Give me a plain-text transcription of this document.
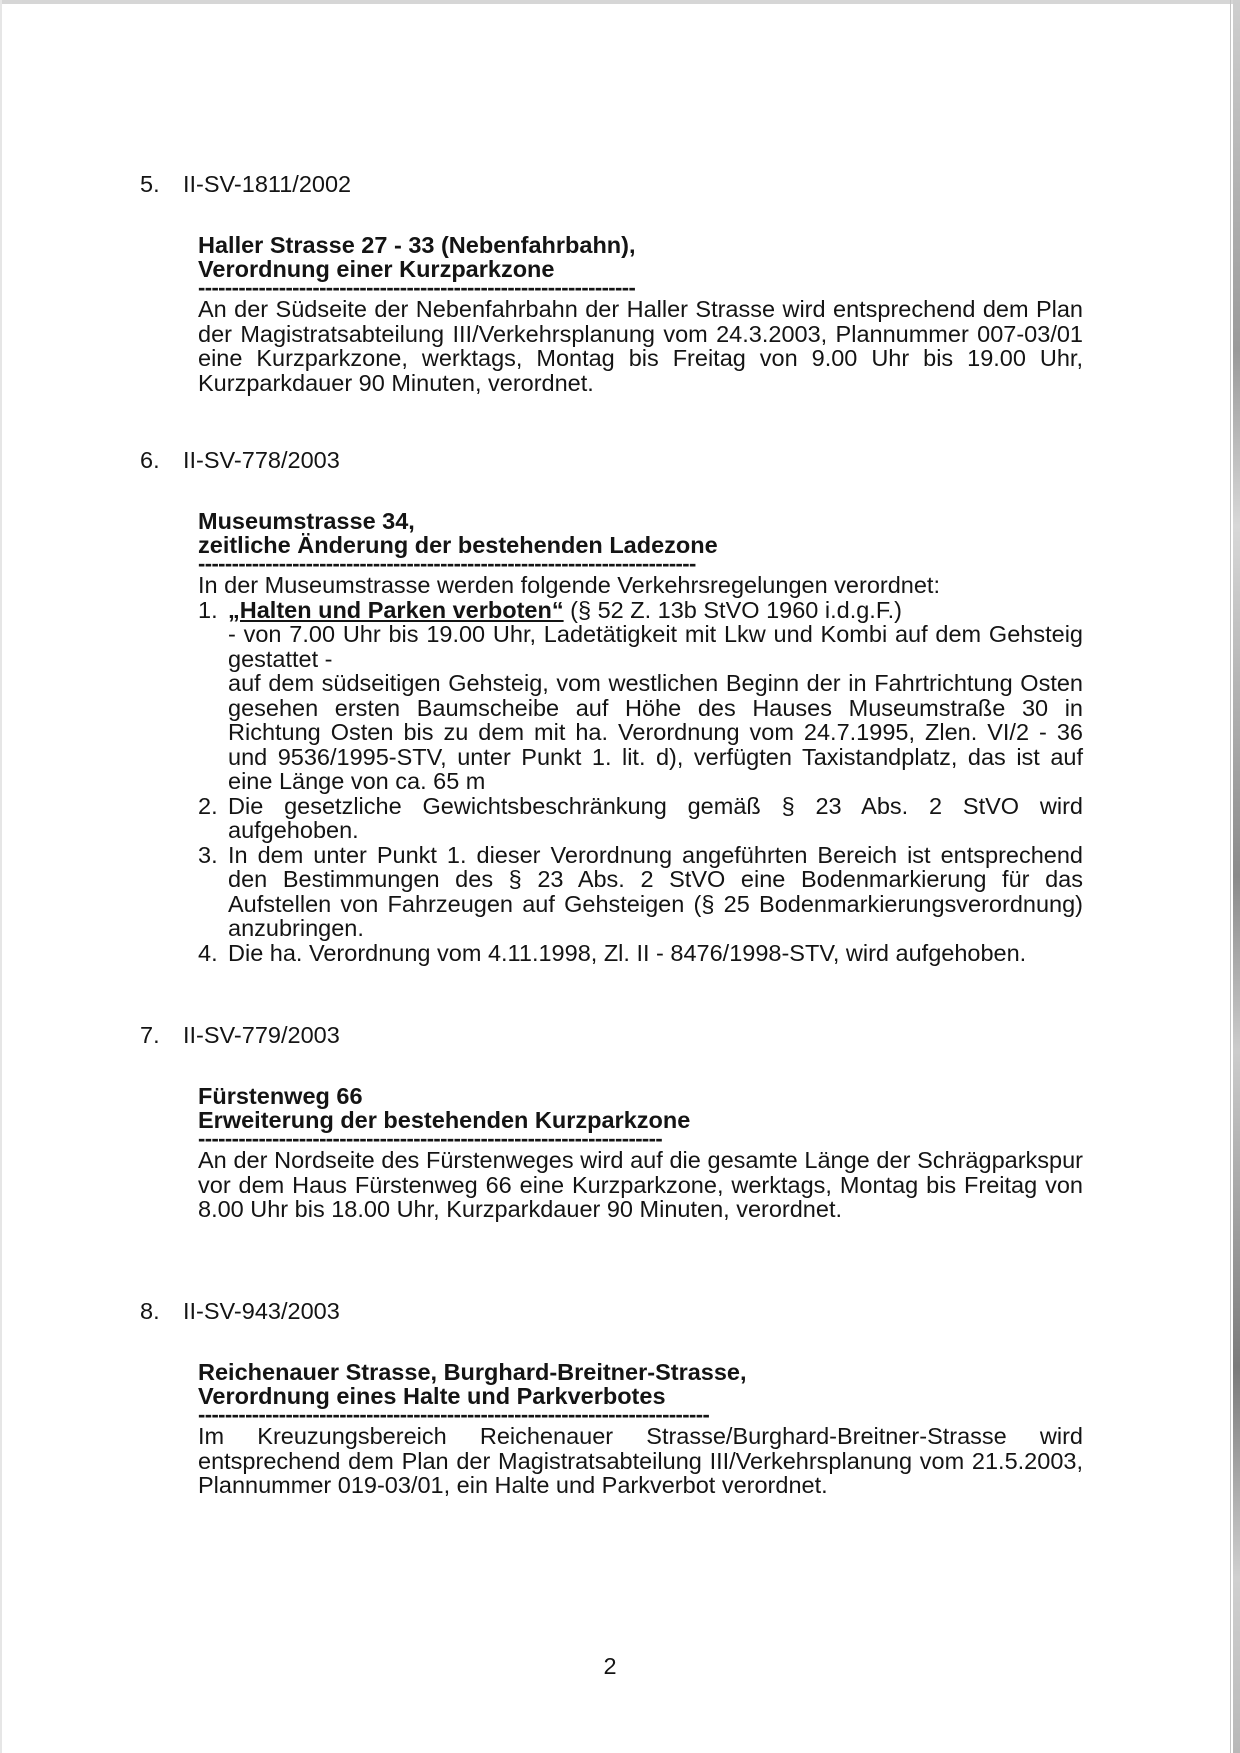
5. II-SV-1811/2002
Haller Strasse 27 - 33 (Nebenfahrbahn),
Verordnung einer Kurzparkzone
-----------------------------------------------------------------
An der Südseite der Nebenfahrbahn der Haller Strasse wird entsprechend dem Plan der Magistratsabteilung III/Verkehrsplanung vom 24.3.2003, Plannummer 007-03/01 eine Kurzparkzone, werktags, Montag bis Freitag von 9.00 Uhr bis 19.00 Uhr, Kurzparkdauer 90 Minuten, verordnet.
6. II-SV-778/2003
Museumstrasse 34,
zeitliche Änderung der bestehenden Ladezone
--------------------------------------------------------------------------
In der Museumstrasse werden folgende Verkehrsregelungen verordnet:
1. „Halten und Parken verboten“ (§ 52 Z. 13b StVO 1960 i.d.g.F.)
- von 7.00 Uhr bis 19.00 Uhr, Ladetätigkeit mit Lkw und Kombi auf dem Gehsteig gestattet -
auf dem südseitigen Gehsteig, vom westlichen Beginn der in Fahrtrichtung Osten gesehen ersten Baumscheibe auf Höhe des Hauses Museumstraße 30 in Richtung Osten bis zu dem mit ha. Verordnung vom 24.7.1995, Zlen. VI/2 - 36 und 9536/1995-STV, unter Punkt 1. lit. d), verfügten Taxistandplatz, das ist auf eine Länge von ca. 65 m
2. Die gesetzliche Gewichtsbeschränkung gemäß § 23 Abs. 2 StVO wird aufgehoben.
3. In dem unter Punkt 1. dieser Verordnung angeführten Bereich ist entsprechend den Bestimmungen des § 23 Abs. 2 StVO eine Bodenmarkierung für das Aufstellen von Fahrzeugen auf Gehsteigen (§ 25 Bodenmarkierungsverordnung) anzubringen.
4. Die ha. Verordnung vom 4.11.1998, Zl. II - 8476/1998-STV, wird aufgehoben.
7. II-SV-779/2003
Fürstenweg 66
Erweiterung der bestehenden Kurzparkzone
---------------------------------------------------------------------
An der Nordseite des Fürstenweges wird auf die gesamte Länge der Schrägparkspur vor dem Haus Fürstenweg 66 eine Kurzparkzone, werktags, Montag bis Freitag von 8.00 Uhr bis 18.00 Uhr, Kurzparkdauer 90 Minuten, verordnet.
8. II-SV-943/2003
Reichenauer Strasse, Burghard-Breitner-Strasse,
Verordnung eines Halte und Parkverbotes
----------------------------------------------------------------------------
Im Kreuzungsbereich Reichenauer Strasse/Burghard-Breitner-Strasse wird entsprechend dem Plan der Magistratsabteilung III/Verkehrsplanung vom 21.5.2003, Plannummer 019-03/01, ein Halte und Parkverbot verordnet.
2
